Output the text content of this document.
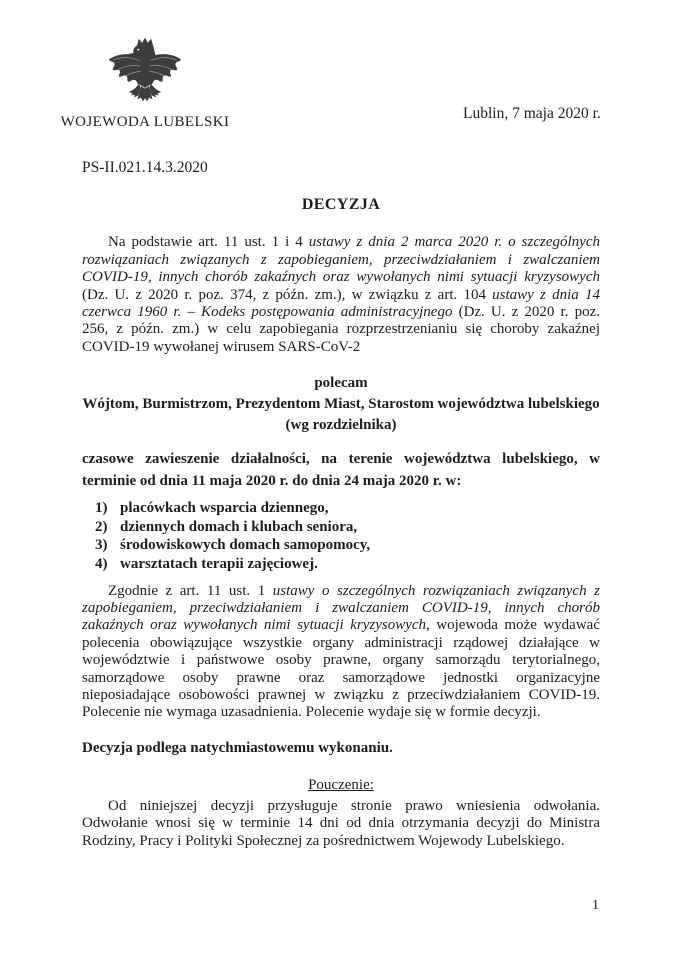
WOJEWODA LUBELSKI	Lublin, 7 maja 2020 r.
PS-II.021.14.3.2020
DECYZJA

Na podstawie art. 11 ust. 1 i 4 ustawy z dnia 2 marca 2020 r. o szczególnych rozwiązaniach związanych z zapobieganiem, przeciwdziałaniem i zwalczaniem COVID-19, innych chorób zakaźnych oraz wywołanych nimi sytuacji kryzysowych (Dz. U. z 2020 r. poz. 374, z późn. zm.), w związku z art. 104 ustawy z dnia 14 czerwca 1960 r. – Kodeks postępowania administracyjnego (Dz. U. z 2020 r. poz. 256, z późn. zm.) w celu zapobiegania rozprzestrzenianiu się choroby zakaźnej COVID-19 wywołanej wirusem SARS-CoV-2

polecam
Wójtom, Burmistrzom, Prezydentom Miast, Starostom województwa lubelskiego
(wg rozdzielnika)

czasowe zawieszenie działalności, na terenie województwa lubelskiego, w terminie od dnia 11 maja 2020 r. do dnia 24 maja 2020 r. w:

1) placówkach wsparcia dziennego,
2) dziennych domach i klubach seniora,
3) środowiskowych domach samopomocy,
4) warsztatach terapii zajęciowej.

Zgodnie z art. 11 ust. 1 ustawy o szczególnych rozwiązaniach związanych z zapobieganiem, przeciwdziałaniem i zwalczaniem COVID-19, innych chorób zakaźnych oraz wywołanych nimi sytuacji kryzysowych, wojewoda może wydawać polecenia obowiązujące wszystkie organy administracji rządowej działające w województwie i państwowe osoby prawne, organy samorządu terytorialnego, samorządowe osoby prawne oraz samorządowe jednostki organizacyjne nieposiadające osobowości prawnej w związku z przeciwdziałaniem COVID-19. Polecenie nie wymaga uzasadnienia. Polecenie wydaje się w formie decyzji.

Decyzja podlega natychmiastowemu wykonaniu.

Pouczenie:

Od niniejszej decyzji przysługuje stronie prawo wniesienia odwołania. Odwołanie wnosi się w terminie 14 dni od dnia otrzymania decyzji do Ministra Rodziny, Pracy i Polityki Społecznej za pośrednictwem Wojewody Lubelskiego.

1
